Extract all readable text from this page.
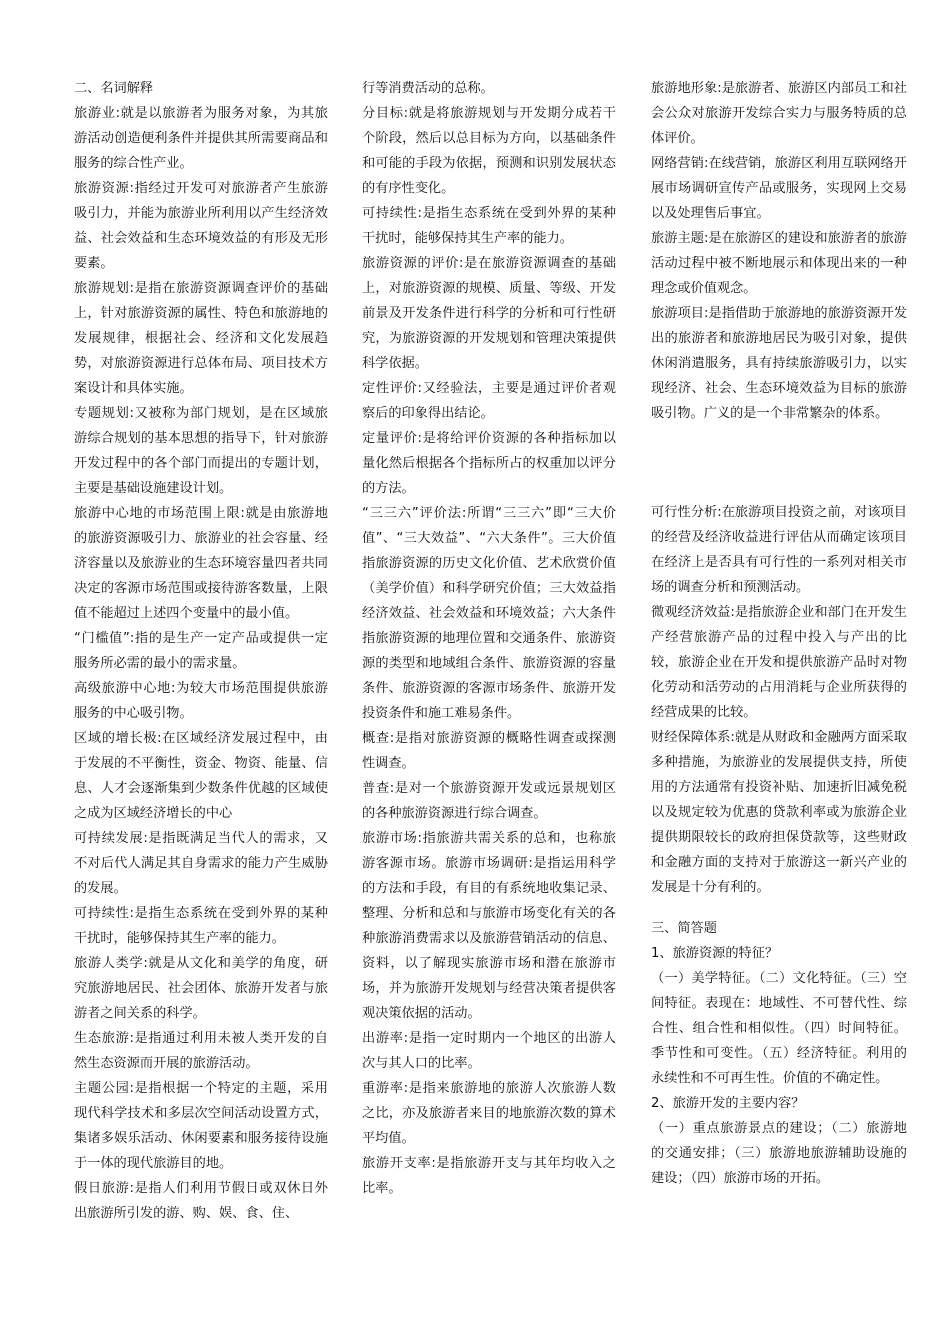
二、名词解释

旅游业:就是以旅游者为服务对象，为其旅游活动创造便利条件并提供其所需要商品和服务的综合性产业。

旅游资源:指经过开发可对旅游者产生旅游吸引力，并能为旅游业所利用以产生经济效益、社会效益和生态环境效益的有形及无形要素。

旅游规划:是指在旅游资源调查评价的基础上，针对旅游资源的属性、特色和旅游地的发展规律，根据社会、经济和文化发展趋势，对旅游资源进行总体布局、项目技术方案设计和具体实施。

专题规划:又被称为部门规划，是在区域旅游综合规划的基本思想的指导下，针对旅游开发过程中的各个部门而提出的专题计划，主要是基础设施建设计划。

旅游中心地的市场范围上限:就是由旅游地的旅游资源吸引力、旅游业的社会容量、经济容量以及旅游业的生态环境容量四者共同决定的客源市场范围或接待游客数量，上限值不能超过上述四个变量中的最小值。

“门槛值”:指的是生产一定产品或提供一定服务所必需的最小的需求量。

高级旅游中心地:为较大市场范围提供旅游服务的中心吸引物。

区域的增长极:在区域经济发展过程中，由于发展的不平衡性，资金、物资、能量、信息、人才会逐渐集到少数条件优越的区域使之成为区域经济增长的中心

可持续发展:是指既满足当代人的需求，又不对后代人满足其自身需求的能力产生威胁的发展。

可持续性:是指生态系统在受到外界的某种干扰时，能够保持其生产率的能力。

旅游人类学:就是从文化和美学的角度，研究旅游地居民、社会团体、旅游开发者与旅游者之间关系的科学。

生态旅游:是指通过利用未被人类开发的自然生态资源而开展的旅游活动。

主题公园:是指根据一个特定的主题，采用现代科学技术和多层次空间活动设置方式，集诸多娱乐活动、休闲要素和服务接待设施于一体的现代旅游目的地。

假日旅游:是指人们利用节假日或双休日外出旅游所引发的游、购、娱、食、住、

行等消费活动的总称。

分目标:就是将旅游规划与开发期分成若干个阶段，然后以总目标为方向，以基础条件和可能的手段为依据，预测和识别发展状态的有序性变化。

可持续性:是指生态系统在受到外界的某种干扰时，能够保持其生产率的能力。

旅游资源的评价:是在旅游资源调查的基础上，对旅游资源的规模、质量、等级、开发前景及开发条件进行科学的分析和可行性研究，为旅游资源的开发规划和管理决策提供科学依据。

定性评价:又经验法，主要是通过评价者观察后的印象得出结论。

定量评价:是将给评价资源的各种指标加以量化然后根据各个指标所占的权重加以评分的方法。

“三三六”评价法:所谓“三三六”即“三大价值”、“三大效益”、“六大条件”。三大价值指旅游资源的历史文化价值、艺术欣赏价值（美学价值）和科学研究价值；三大效益指经济效益、社会效益和环境效益；六大条件指旅游资源的地理位置和交通条件、旅游资源的类型和地域组合条件、旅游资源的容量条件、旅游资源的客源市场条件、旅游开发投资条件和施工难易条件。

概查:是指对旅游资源的概略性调查或探测性调查。

普查:是对一个旅游资源开发或远景规划区的各种旅游资源进行综合调查。

旅游市场:指旅游共需关系的总和，也称旅游客源市场。旅游市场调研:是指运用科学的方法和手段，有目的有系统地收集记录、整理、分析和总和与旅游市场变化有关的各种旅游消费需求以及旅游营销活动的信息、资料，以了解现实旅游市场和潜在旅游市场，并为旅游开发规划与经营决策者提供客观决策依据的活动。

出游率:是指一定时期内一个地区的出游人次与其人口的比率。

重游率:是指来旅游地的旅游人次旅游人数之比，亦及旅游者来目的地旅游次数的算术平均值。

旅游开支率:是指旅游开支与其年均收入之比率。

旅游地形象:是旅游者、旅游区内部员工和社会公众对旅游开发综合实力与服务特质的总体评价。

网络营销:在线营销，旅游区利用互联网络开展市场调研宣传产品或服务，实现网上交易以及处理售后事宜。

旅游主题:是在旅游区的建设和旅游者的旅游活动过程中被不断地展示和体现出来的一种理念或价值观念。

旅游项目:是指借助于旅游地的旅游资源开发出的旅游者和旅游地居民为吸引对象，提供休闲消遣服务，具有持续旅游吸引力，以实现经济、社会、生态环境效益为目标的旅游吸引物。广义的是一个非常繁杂的体系。

可行性分析:在旅游项目投资之前，对该项目的经营及经济收益进行评估从而确定该项目在经济上是否具有可行性的一系列对相关市场的调查分析和预测活动。

微观经济效益:是指旅游企业和部门在开发生产经营旅游产品的过程中投入与产出的比较，旅游企业在开发和提供旅游产品时对物化劳动和活劳动的占用消耗与企业所获得的经营成果的比较。

财经保障体系:就是从财政和金融两方面采取多种措施，为旅游业的发展提供支持，所使用的方法通常有投资补贴、加速折旧减免税以及规定较为优惠的贷款利率或为旅游企业提供期限较长的政府担保贷款等，这些财政和金融方面的支持对于旅游这一新兴产业的发展是十分有利的。

三、简答题

1、旅游资源的特征？

（一）美学特征。（二）文化特征。（三）空间特征。表现在：地域性、不可替代性、综合性、组合性和相似性。（四）时间特征。季节性和可变性。（五）经济特征。利用的永续性和不可再生性。价值的不确定性。

2、旅游开发的主要内容？

（一）重点旅游景点的建设；（二）旅游地的交通安排；（三）旅游地旅游辅助设施的建设；（四）旅游市场的开拓。
